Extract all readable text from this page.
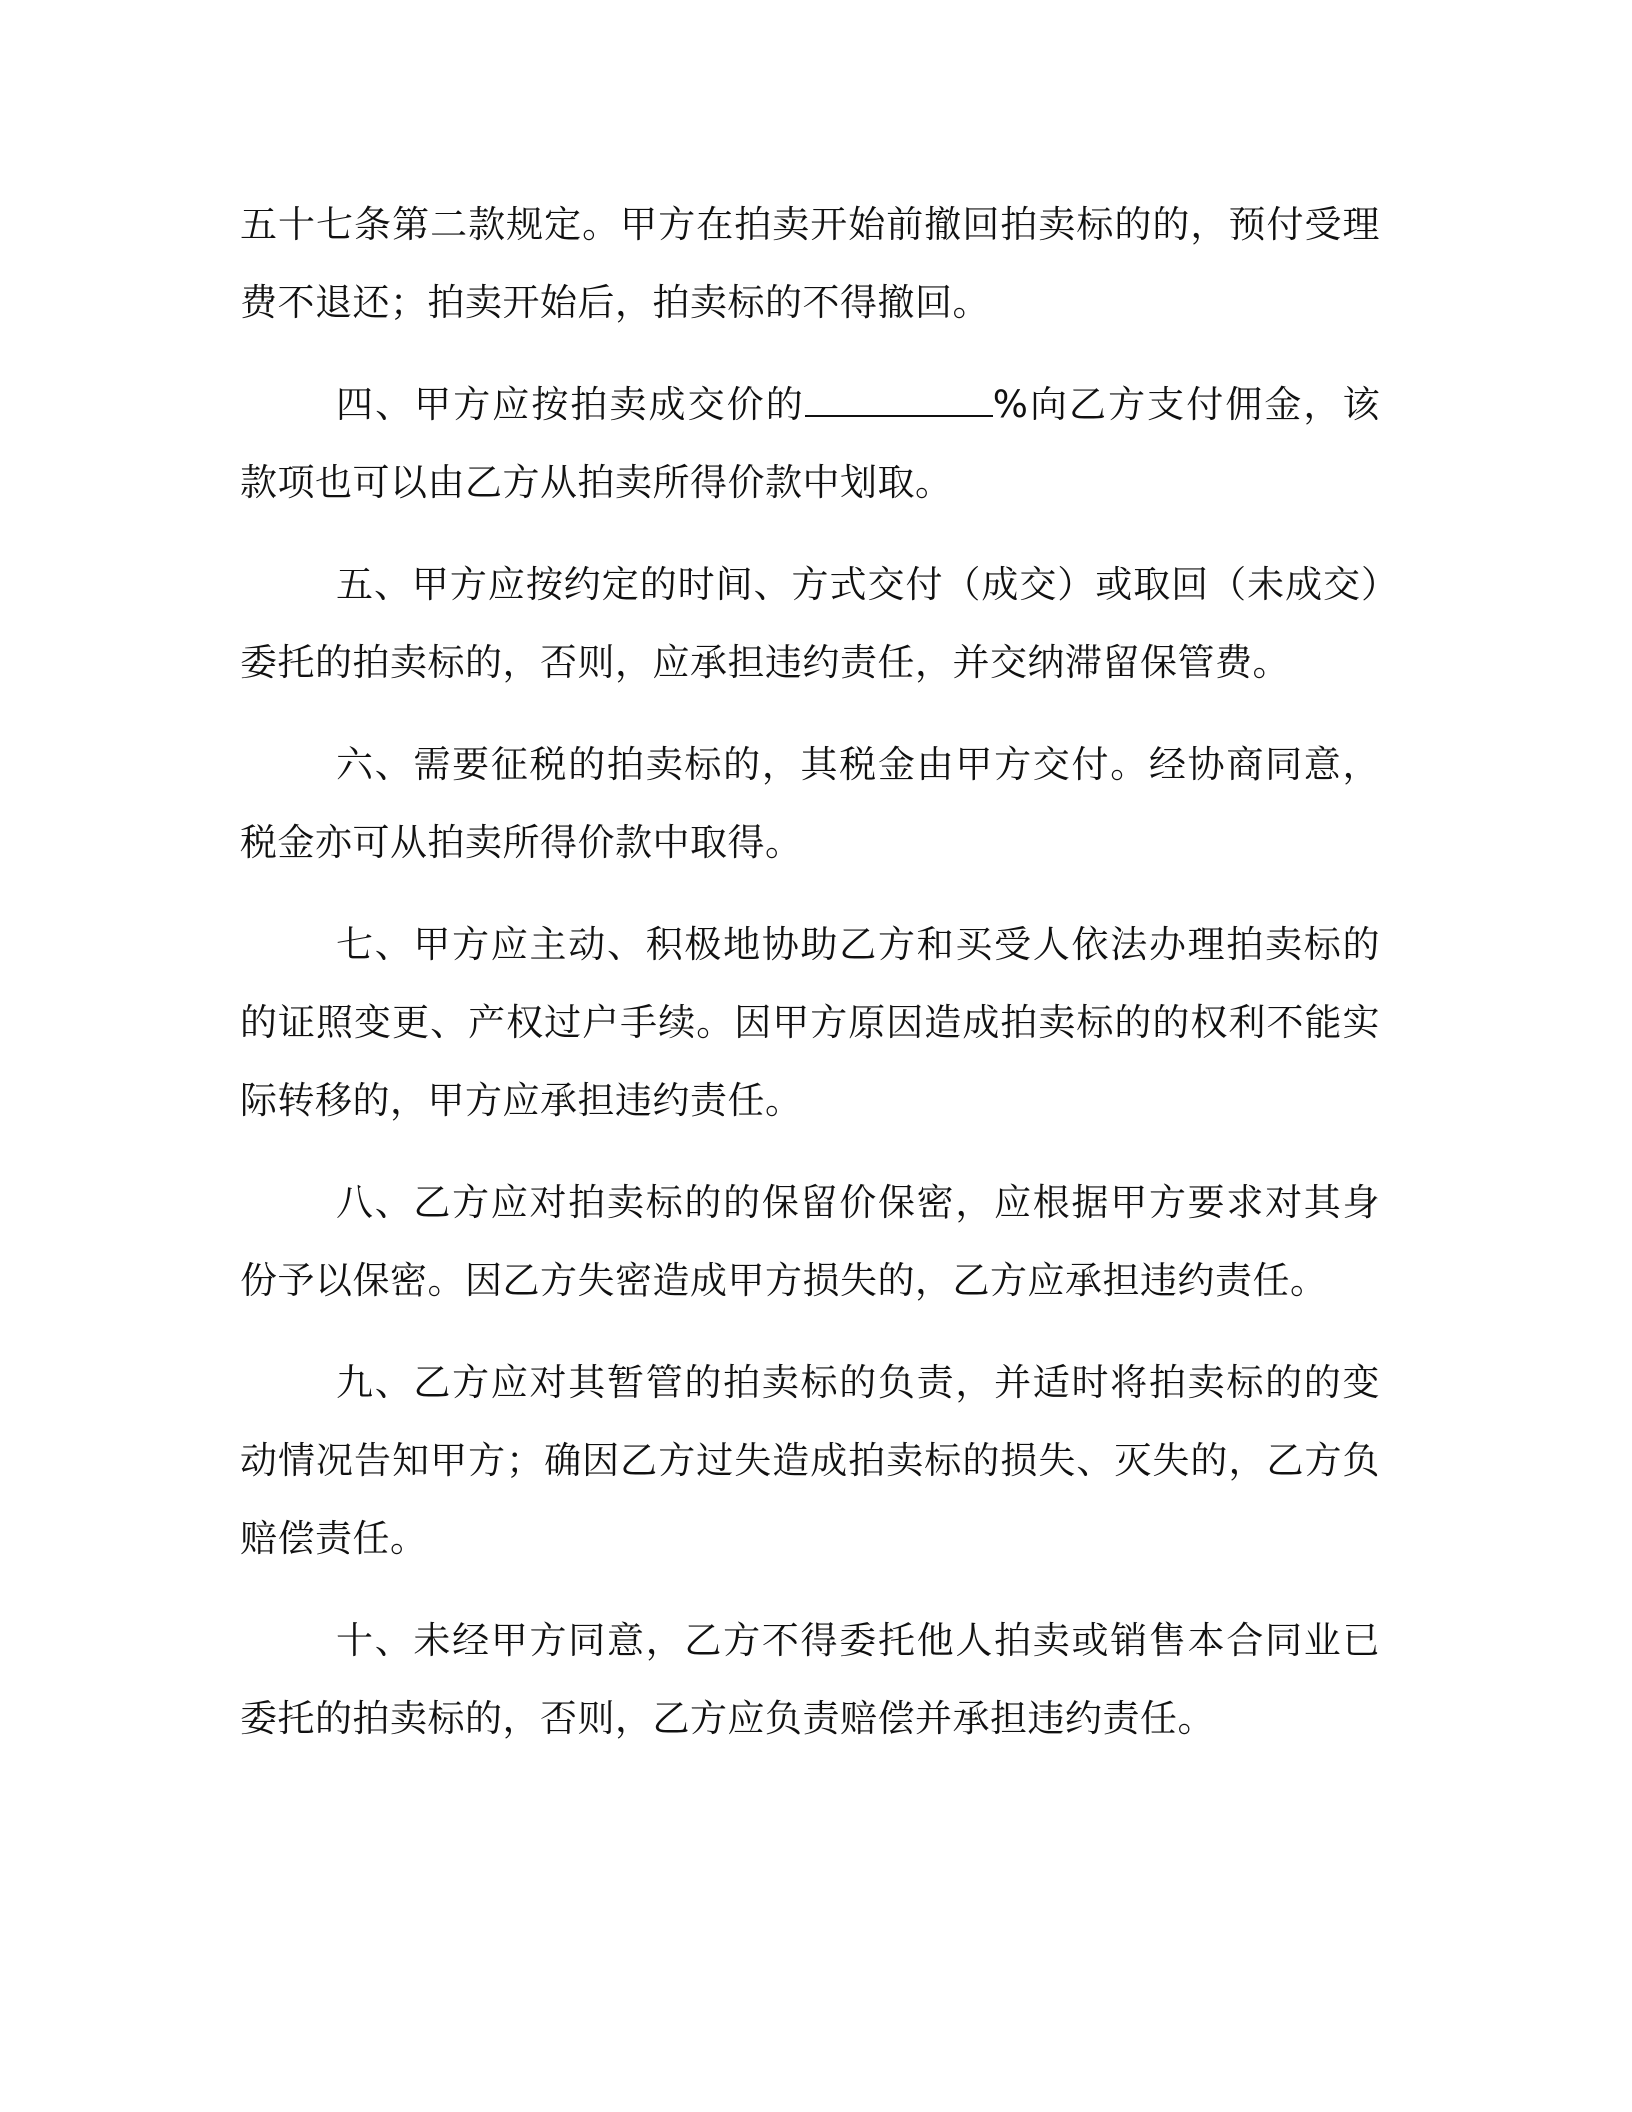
五十七条第二款规定。甲方在拍卖开始前撤回拍卖标的的，预付受理费不退还；拍卖开始后，拍卖标的不得撤回。

四、甲方应按拍卖成交价的	%向乙方支付佣金，该款项也可以由乙方从拍卖所得价款中划取。

五、甲方应按约定的时间、方式交付（成交）或取回（未成交）委托的拍卖标的，否则，应承担违约责任，并交纳滞留保管费。

六、需要征税的拍卖标的，其税金由甲方交付。经协商同意，税金亦可从拍卖所得价款中取得。

七、甲方应主动、积极地协助乙方和买受人依法办理拍卖标的的证照变更、产权过户手续。因甲方原因造成拍卖标的的权利不能实际转移的，甲方应承担违约责任。

八、乙方应对拍卖标的的保留价保密，应根据甲方要求对其身份予以保密。因乙方失密造成甲方损失的，乙方应承担违约责任。

九、乙方应对其暂管的拍卖标的负责，并适时将拍卖标的的变动情况告知甲方；确因乙方过失造成拍卖标的损失、灭失的，乙方负赔偿责任。

十、未经甲方同意，乙方不得委托他人拍卖或销售本合同业已委托的拍卖标的，否则，乙方应负责赔偿并承担违约责任。
